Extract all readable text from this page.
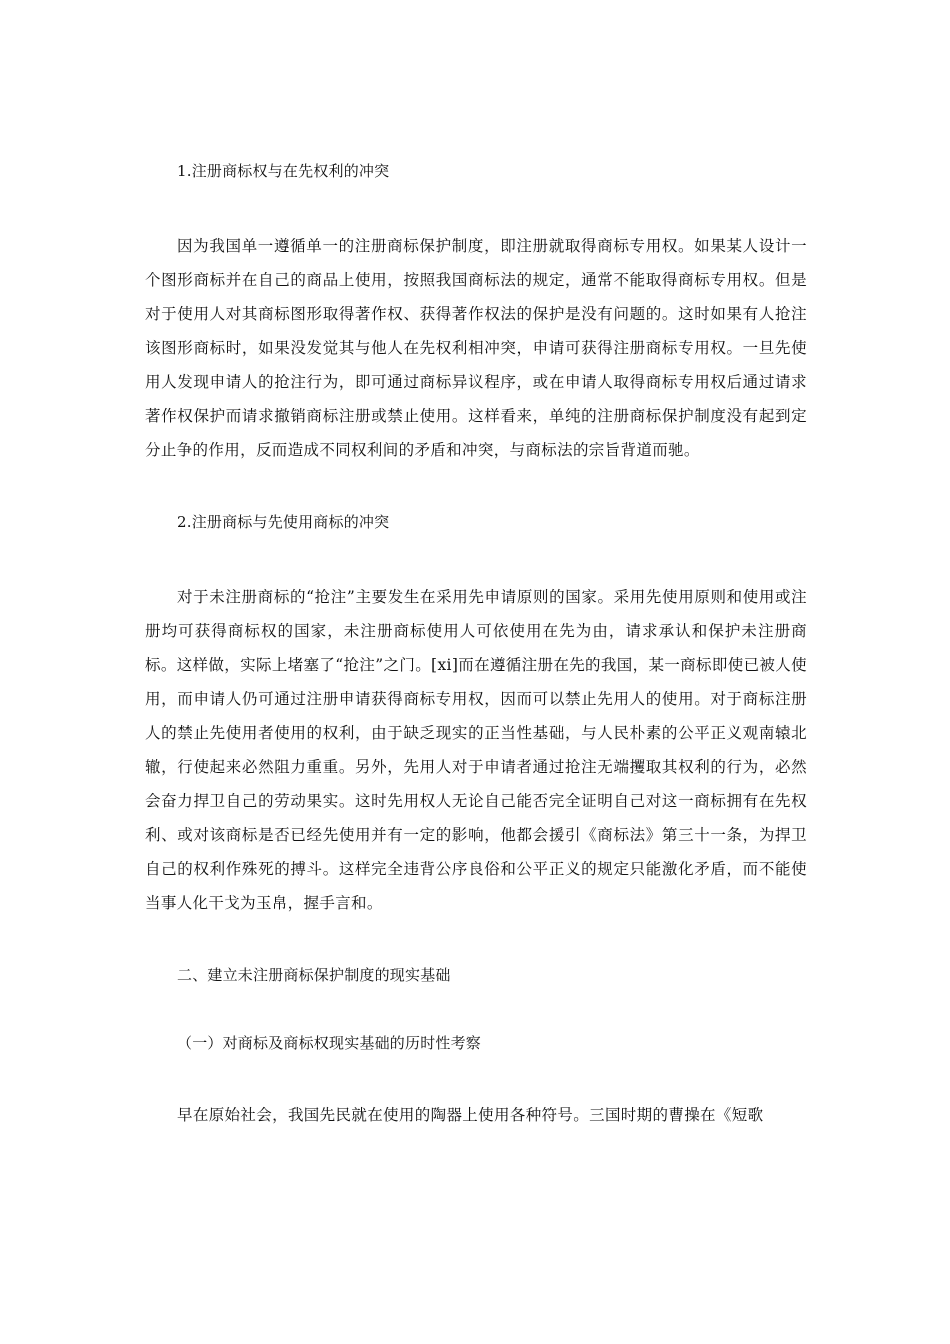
1.注册商标权与在先权利的冲突

因为我国单一遵循单一的注册商标保护制度，即注册就取得商标专用权。如果某人设计一个图形商标并在自己的商品上使用，按照我国商标法的规定，通常不能取得商标专用权。但是对于使用人对其商标图形取得著作权、获得著作权法的保护是没有问题的。这时如果有人抢注该图形商标时，如果没发觉其与他人在先权利相冲突，申请可获得注册商标专用权。一旦先使用人发现申请人的抢注行为，即可通过商标异议程序，或在申请人取得商标专用权后通过请求著作权保护而请求撤销商标注册或禁止使用。这样看来，单纯的注册商标保护制度没有起到定分止争的作用，反而造成不同权利间的矛盾和冲突，与商标法的宗旨背道而驰。

2.注册商标与先使用商标的冲突

对于未注册商标的“抢注”主要发生在采用先申请原则的国家。采用先使用原则和使用或注册均可获得商标权的国家，未注册商标使用人可依使用在先为由，请求承认和保护未注册商标。这样做，实际上堵塞了“抢注”之门。[xi]而在遵循注册在先的我国，某一商标即使已被人使用，而申请人仍可通过注册申请获得商标专用权，因而可以禁止先用人的使用。对于商标注册人的禁止先使用者使用的权利，由于缺乏现实的正当性基础，与人民朴素的公平正义观南辕北辙，行使起来必然阻力重重。另外，先用人对于申请者通过抢注无端攫取其权利的行为，必然会奋力捍卫自己的劳动果实。这时先用权人无论自己能否完全证明自己对这一商标拥有在先权利、或对该商标是否已经先使用并有一定的影响，他都会援引《商标法》第三十一条，为捍卫自己的权利作殊死的搏斗。这样完全违背公序良俗和公平正义的规定只能激化矛盾，而不能使当事人化干戈为玉帛，握手言和。

二、建立未注册商标保护制度的现实基础

（一）对商标及商标权现实基础的历时性考察

早在原始社会，我国先民就在使用的陶器上使用各种符号。三国时期的曹操在《短歌
